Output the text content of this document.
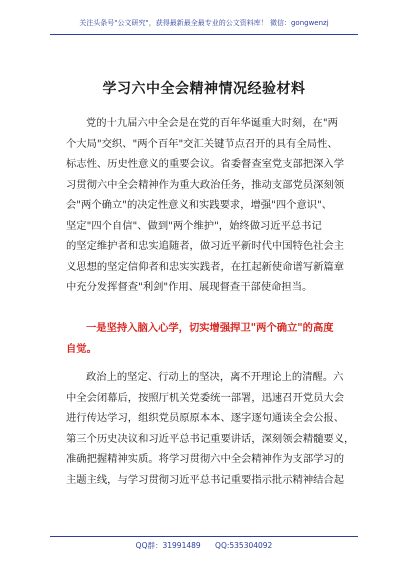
关注头条号"公文研究"，获得最新最全最专业的公文资料库！ 微信：gongwenzj
学习六中全会精神情况经验材料
党的十九届六中全会是在党的百年华诞重大时刻，在"两
个大局"交织、"两个百年"交汇关键节点召开的具有全局性、
标志性、历史性意义的重要会议。省委督查室党支部把深入学
习贯彻六中全会精神作为重大政治任务，推动支部党员深刻领
会"两个确立"的决定性意义和实践要求，增强"四个意识"、
坚定"四个自信"、做到"两个维护"，始终做习近平总书记
的坚定维护者和忠实追随者，做习近平新时代中国特色社会主
义思想的坚定信仰者和忠实实践者，在扛起新使命谱写新篇章
中充分发挥督查"利剑"作用、展现督查干部使命担当。
一是坚持入脑入心学，切实增强捍卫"两个确立"的高度
自觉。
政治上的坚定、行动上的坚决，离不开理论上的清醒。六
中全会闭幕后，按照厅机关党委统一部署，迅速召开党员大会
进行传达学习，组织党员原原本本、逐字逐句通读全会公报、
第三个历史决议和习近平总书记重要讲话，深刻领会精髓要义，
准确把握精神实质。将学习贯彻六中全会精神作为支部学习的
主题主线，与学习贯彻习近平总书记重要指示批示精神结合起
QQ群：31991489 QQ:535304092
